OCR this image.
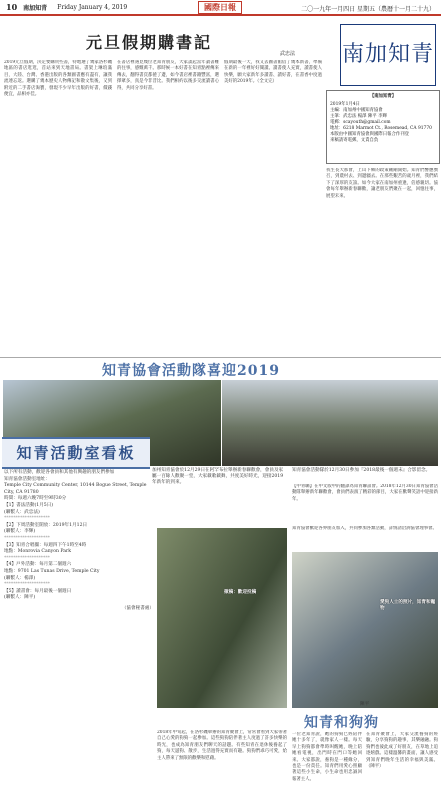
10 南加知青 Friday January 4, 2019	國際日報	二〇一九年一月四日 星期五（農曆十一月二十九）
元旦假期購書記
武忠法 南加知青
2019元旦假期，決定要購買些書，特地選了幾家洛杉磯地區的書店逛逛，首站來到天地書局。書架上琳琅滿目，大陸、台灣、香港出版的各類圖書應有盡有，讓我流連忘返。選購了幾本歷史人物傳記和散文集後，又到附近的二手書店淘寶，發現不少早年出版的好書，價錢便宜，品相亦佳。
在書店裡遇見幾位老知青朋友，大家談起當年讀書難的往事，感慨萬千。那時候一本好書在知青點裡傳來傳去，翻得書頁都捲了邊，如今書店裡書籍豐富，選擇眾多，真是今非昔比。我們相約以後多交流讀書心得，共同分享好書。
假期最後一天，我又去圖書館借了幾本新書，準備在新的一年裡好好閱讀。讀書使人充實，讀書使人快樂，願大家新年多讀書、讀好書，在書香中度過美好的2019年。（全文完）
【南加知青】
2019年1月4日
主編：南加州中國知青協會
主筆：武忠法 楊澤 陳平 李輝
電郵：scayouth@gmail.com
地址：6218 Marmot Ct., Rosemead, CA 91770
本版由中國知青協會與國際日報合作刊登
來稿請寄電郵，文責自負
我生長大那會，上山下鄉的政策剛剛開始。知青們響應號召，到農村去、到邊疆去。在那些艱苦的歲月裡，我們結下了深厚的友誼。如今大家在南加州重逢，倍感親切。協會每年舉辦新春聯歡，讓老朋友們聚在一起，回憶往事，展望未來。
知青協會活動隊喜迎2019
加州知青協會於12月29日在阿罕布拉舉辦新春聯歡會，會員及家屬一百餘人歡聚一堂，大家載歌載舞，共度美好時光，迎接2019年新年的到來。
知青協會活動隊於12月30日參加『2018最後一個週末』合影留念。
【中青聯】在中文版中的翻譯為知青聯誼會。2018年12月30日知青協會活動隊舉辦新年聯歡會，會員們表演了精彩的節目，大家在歡聲笑語中迎接新年。
知青協會歡迎各界朋友加入，共同參加各類活動，詳情請洽詢協會理事會。
知青活動室看板
以下所有活動，歡迎各會員和其他有興趣的朋友們參加
知青協會活動室地址：
Temple City Community Center, 10144 Bogue Street, Temple City, CA 91780
時間：每週六晚7時至9時30分
【1】書法活動(1月5日)
(聯繫人：武忠法)
********************
【2】下周活動室開放：2019年1月12日
(聯繫人：李輝)
********************
【3】知青合唱團：每週四下午1時至4時
地點：Monrovia Canyon Park
********************
【4】戶外活動：每月第二個週六
地點：9701 Las Tunas Drive, Temple City
(聯繫人：楊澤)
********************
【5】讀書會：每月最後一個週日
(聯繫人：陳平)
（協會秘書處）
徵稿：歡迎投稿
愛狗人士的照片，知青和寵物
陳平
知青和狗狗
2018年中旬起，在洛杉磯舉辦的知青聚會上，常常會看到大家帶著自己心愛的狗狗一起參加。這些狗狗陪伴著主人度過了許多快樂的時光，也成為知青朋友們聊天的話題。有些知青在退休後養起了狗，每天遛狗、散步，生活過得充實而有趣。狗狗們乖巧可愛，給主人帶來了無限的歡樂和慰藉。
一位老知青說，她的狗狗已經陪伴她十多年了，就像家人一樣。每天早上狗狗都會準時叫醒她，晚上陪她看電視，出門時在門口等她回來。大家都說，養狗是一種緣分，也是一份責任。知青們用愛心照顧著這些小生命，小生命也用忠誠回報著主人。
在知青聚會上，大家交流養狗的經驗，分享狗狗的趣事，其樂融融。狗狗們也彼此成了好朋友，在草地上追逐嬉戲。這樣溫馨的畫面，讓人感受到知青們晚年生活的幸福與美滿。（陳平）
